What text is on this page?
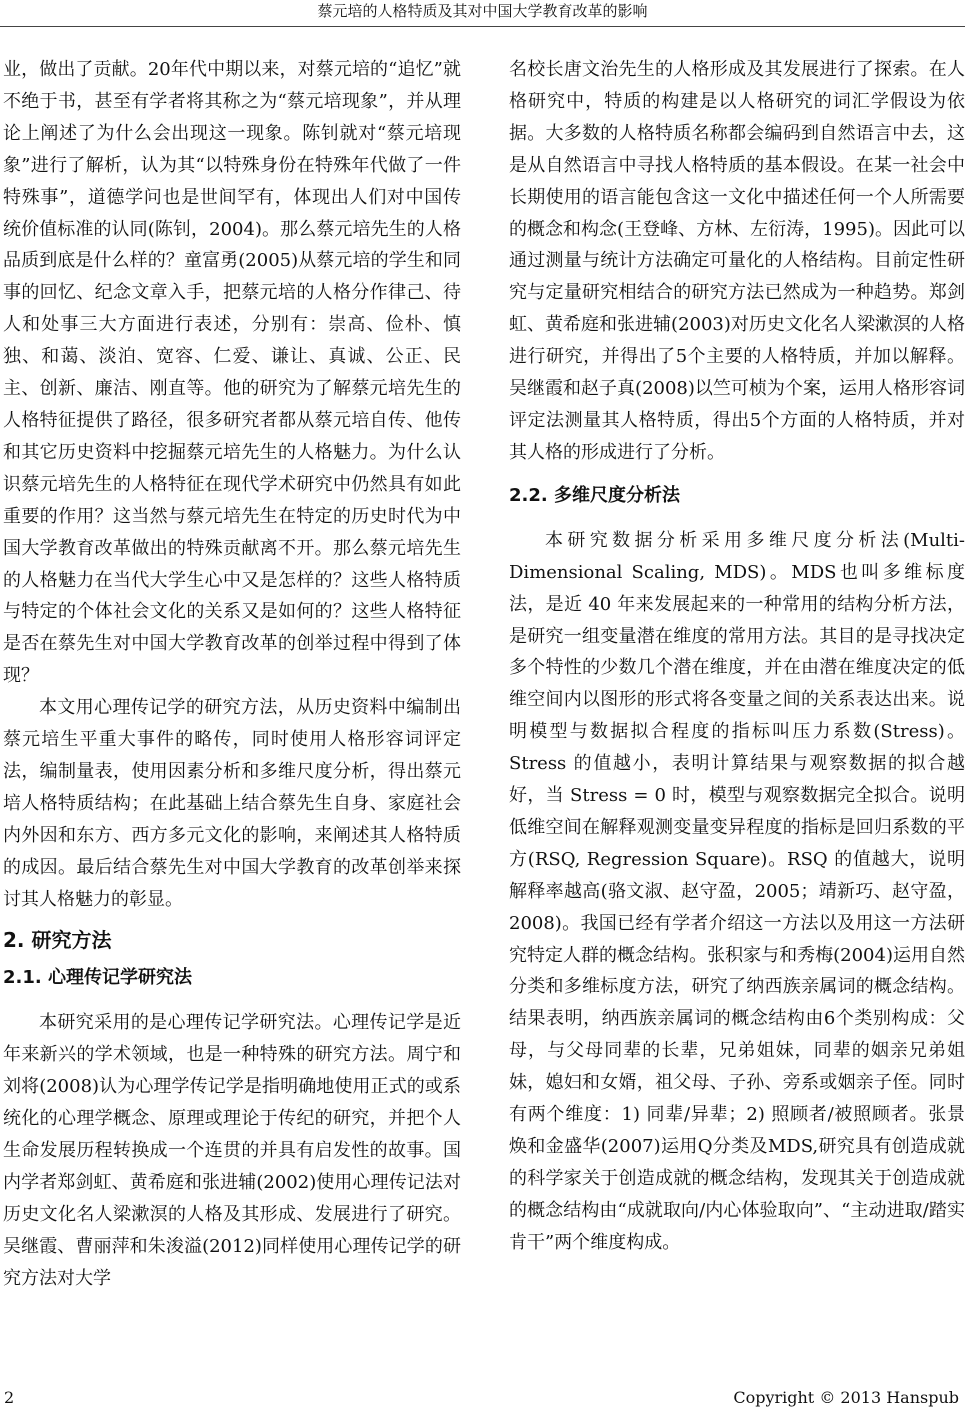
蔡元培的人格特质及其对中国大学教育改革的影响

业，做出了贡献。20年代中期以来，对蔡元培的“追忆”就不绝于书，甚至有学者将其称之为“蔡元培现象”，并从理论上阐述了为什么会出现这一现象。陈钊就对“蔡元培现象”进行了解析，认为其“以特殊身份在特殊年代做了一件特殊事”，道德学问也是世间罕有，体现出人们对中国传统价值标准的认同(陈钊，2004)。那么蔡元培先生的人格品质到底是什么样的？童富勇(2005)从蔡元培的学生和同事的回忆、纪念文章入手，把蔡元培的人格分作律己、待人和处事三大方面进行表述，分别有：崇高、俭朴、慎独、和蔼、淡泊、宽容、仁爱、谦让、真诚、公正、民主、创新、廉洁、刚直等。他的研究为了解蔡元培先生的人格特征提供了路径，很多研究者都从蔡元培自传、他传和其它历史资料中挖掘蔡元培先生的人格魅力。为什么认识蔡元培先生的人格特征在现代学术研究中仍然具有如此重要的作用？这当然与蔡元培先生在特定的历史时代为中国大学教育改革做出的特殊贡献离不开。那么蔡元培先生的人格魅力在当代大学生心中又是怎样的？这些人格特质与特定的个体社会文化的关系又是如何的？这些人格特征是否在蔡先生对中国大学教育改革的创举过程中得到了体现？

本文用心理传记学的研究方法，从历史资料中编制出蔡元培生平重大事件的略传，同时使用人格形容词评定法，编制量表，使用因素分析和多维尺度分析，得出蔡元培人格特质结构；在此基础上结合蔡先生自身、家庭社会内外因和东方、西方多元文化的影响，来阐述其人格特质的成因。最后结合蔡先生对中国大学教育的改革创举来探讨其人格魅力的彰显。

2. 研究方法
2.1. 心理传记学研究法

本研究采用的是心理传记学研究法。心理传记学是近年来新兴的学术领域，也是一种特殊的研究方法。周宁和刘将(2008)认为心理学传记学是指明确地使用正式的或系统化的心理学概念、原理或理论于传纪的研究，并把个人生命发展历程转换成一个连贯的并具有启发性的故事。国内学者郑剑虹、黄希庭和张进辅(2002)使用心理传记法对历史文化名人梁漱溟的人格及其形成、发展进行了研究。吴继霞、曹丽萍和朱浚溢(2012)同样使用心理传记学的研究方法对大学

名校长唐文治先生的人格形成及其发展进行了探索。在人格研究中，特质的构建是以人格研究的词汇学假设为依据。大多数的人格特质名称都会编码到自然语言中去，这是从自然语言中寻找人格特质的基本假设。在某一社会中长期使用的语言能包含这一文化中描述任何一个人所需要的概念和构念(王登峰、方林、左衍涛，1995)。因此可以通过测量与统计方法确定可量化的人格结构。目前定性研究与定量研究相结合的研究方法已然成为一种趋势。郑剑虹、黄希庭和张进辅(2003)对历史文化名人梁漱溟的人格进行研究，并得出了5个主要的人格特质，并加以解释。吴继霞和赵子真(2008)以竺可桢为个案，运用人格形容词评定法测量其人格特质，得出5个方面的人格特质，并对其人格的形成进行了分析。

2.2. 多维尺度分析法

本研究数据分析采用多维尺度分析法(Multi-Dimensional Scaling, MDS)。MDS也叫多维标度法，是近 40 年来发展起来的一种常用的结构分析方法，是研究一组变量潜在维度的常用方法。其目的是寻找决定多个特性的少数几个潜在维度，并在由潜在维度决定的低维空间内以图形的形式将各变量之间的关系表达出来。说明模型与数据拟合程度的指标叫压力系数(Stress)。Stress 的值越小，表明计算结果与观察数据的拟合越好，当 Stress = 0 时，模型与观察数据完全拟合。说明低维空间在解释观测变量变异程度的指标是回归系数的平方(RSQ, Regression Square)。RSQ 的值越大，说明解释率越高(骆文淑、赵守盈，2005；靖新巧、赵守盈，2008)。我国已经有学者介绍这一方法以及用这一方法研究特定人群的概念结构。张积家与和秀梅(2004)运用自然分类和多维标度方法，研究了纳西族亲属词的概念结构。结果表明，纳西族亲属词的概念结构由6个类别构成：父母，与父母同辈的长辈，兄弟姐妹，同辈的姻亲兄弟姐妹，媳妇和女婿，祖父母、子孙、旁系或姻亲子侄。同时有两个维度：1) 同辈/异辈；2) 照顾者/被照顾者。张景焕和金盛华(2007)运用Q分类及MDS,研究具有创造成就的科学家关于创造成就的概念结构，发现其关于创造成就的概念结构由“成就取向/内心体验取向”、“主动进取/踏实肯干”两个维度构成。

2	Copyright © 2013 Hanspub
